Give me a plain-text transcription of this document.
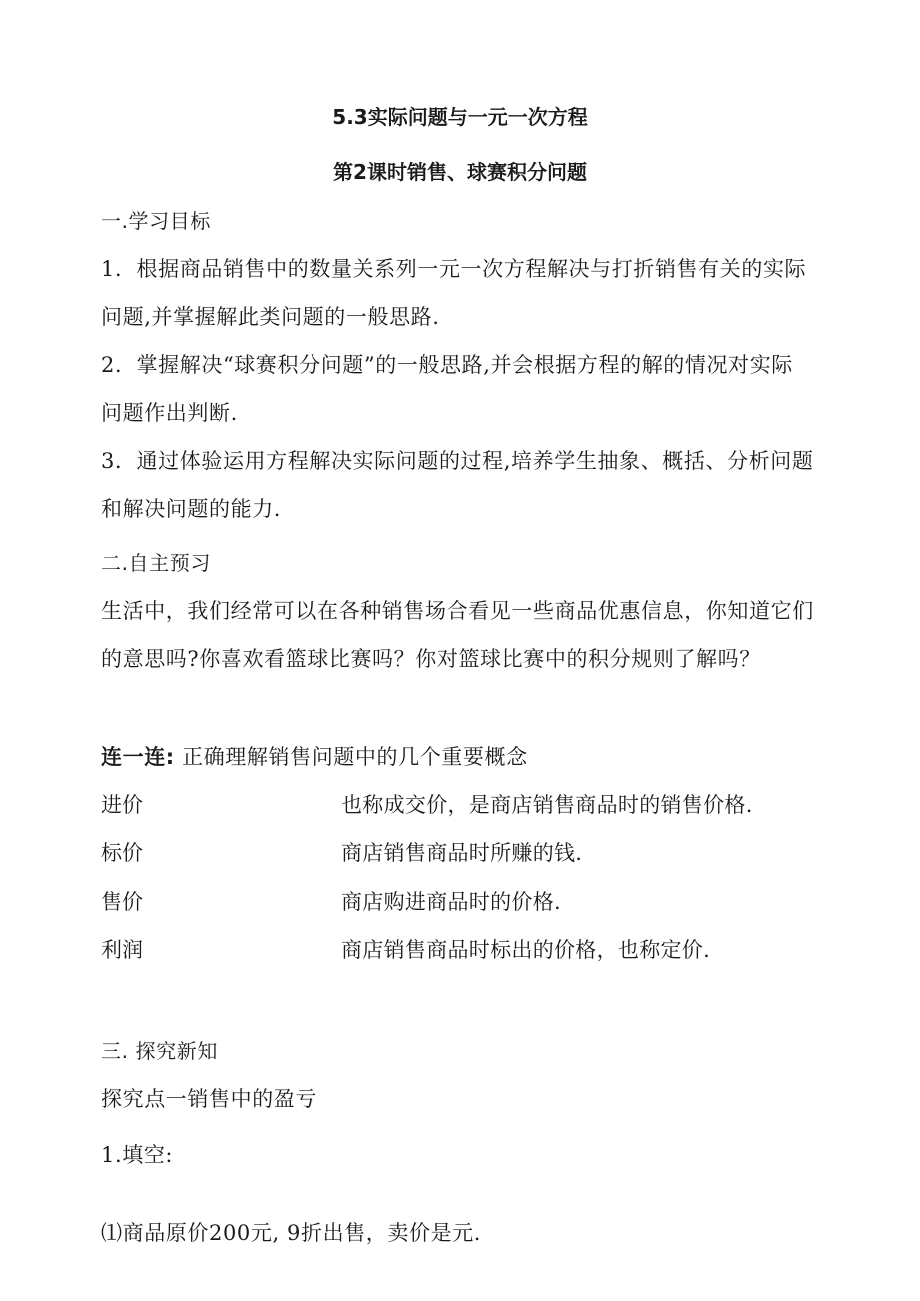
5.3实际问题与一元一次方程
第2课时销售、球赛积分问题
一.学习目标
1．根据商品销售中的数量关系列一元一次方程解决与打折销售有关的实际
问题,并掌握解此类问题的一般思路.
2．掌握解决“球赛积分问题”的一般思路,并会根据方程的解的情况对实际
问题作出判断.
3．通过体验运用方程解决实际问题的过程,培养学生抽象、概括、分析问题
和解决问题的能力.
二.自主预习
生活中，我们经常可以在各种销售场合看见一些商品优惠信息，你知道它们
的意思吗?你喜欢看篮球比赛吗？你对篮球比赛中的积分规则了解吗？
连一连: 正确理解销售问题中的几个重要概念
进价	也称成交价，是商店销售商品时的销售价格.
标价	商店销售商品时所赚的钱.
售价	商店购进商品时的价格.
利润	商店销售商品时标出的价格，也称定价.
三. 探究新知
探究点一销售中的盈亏
1.填空:
⑴商品原价200元, 9折出售，卖价是元.
